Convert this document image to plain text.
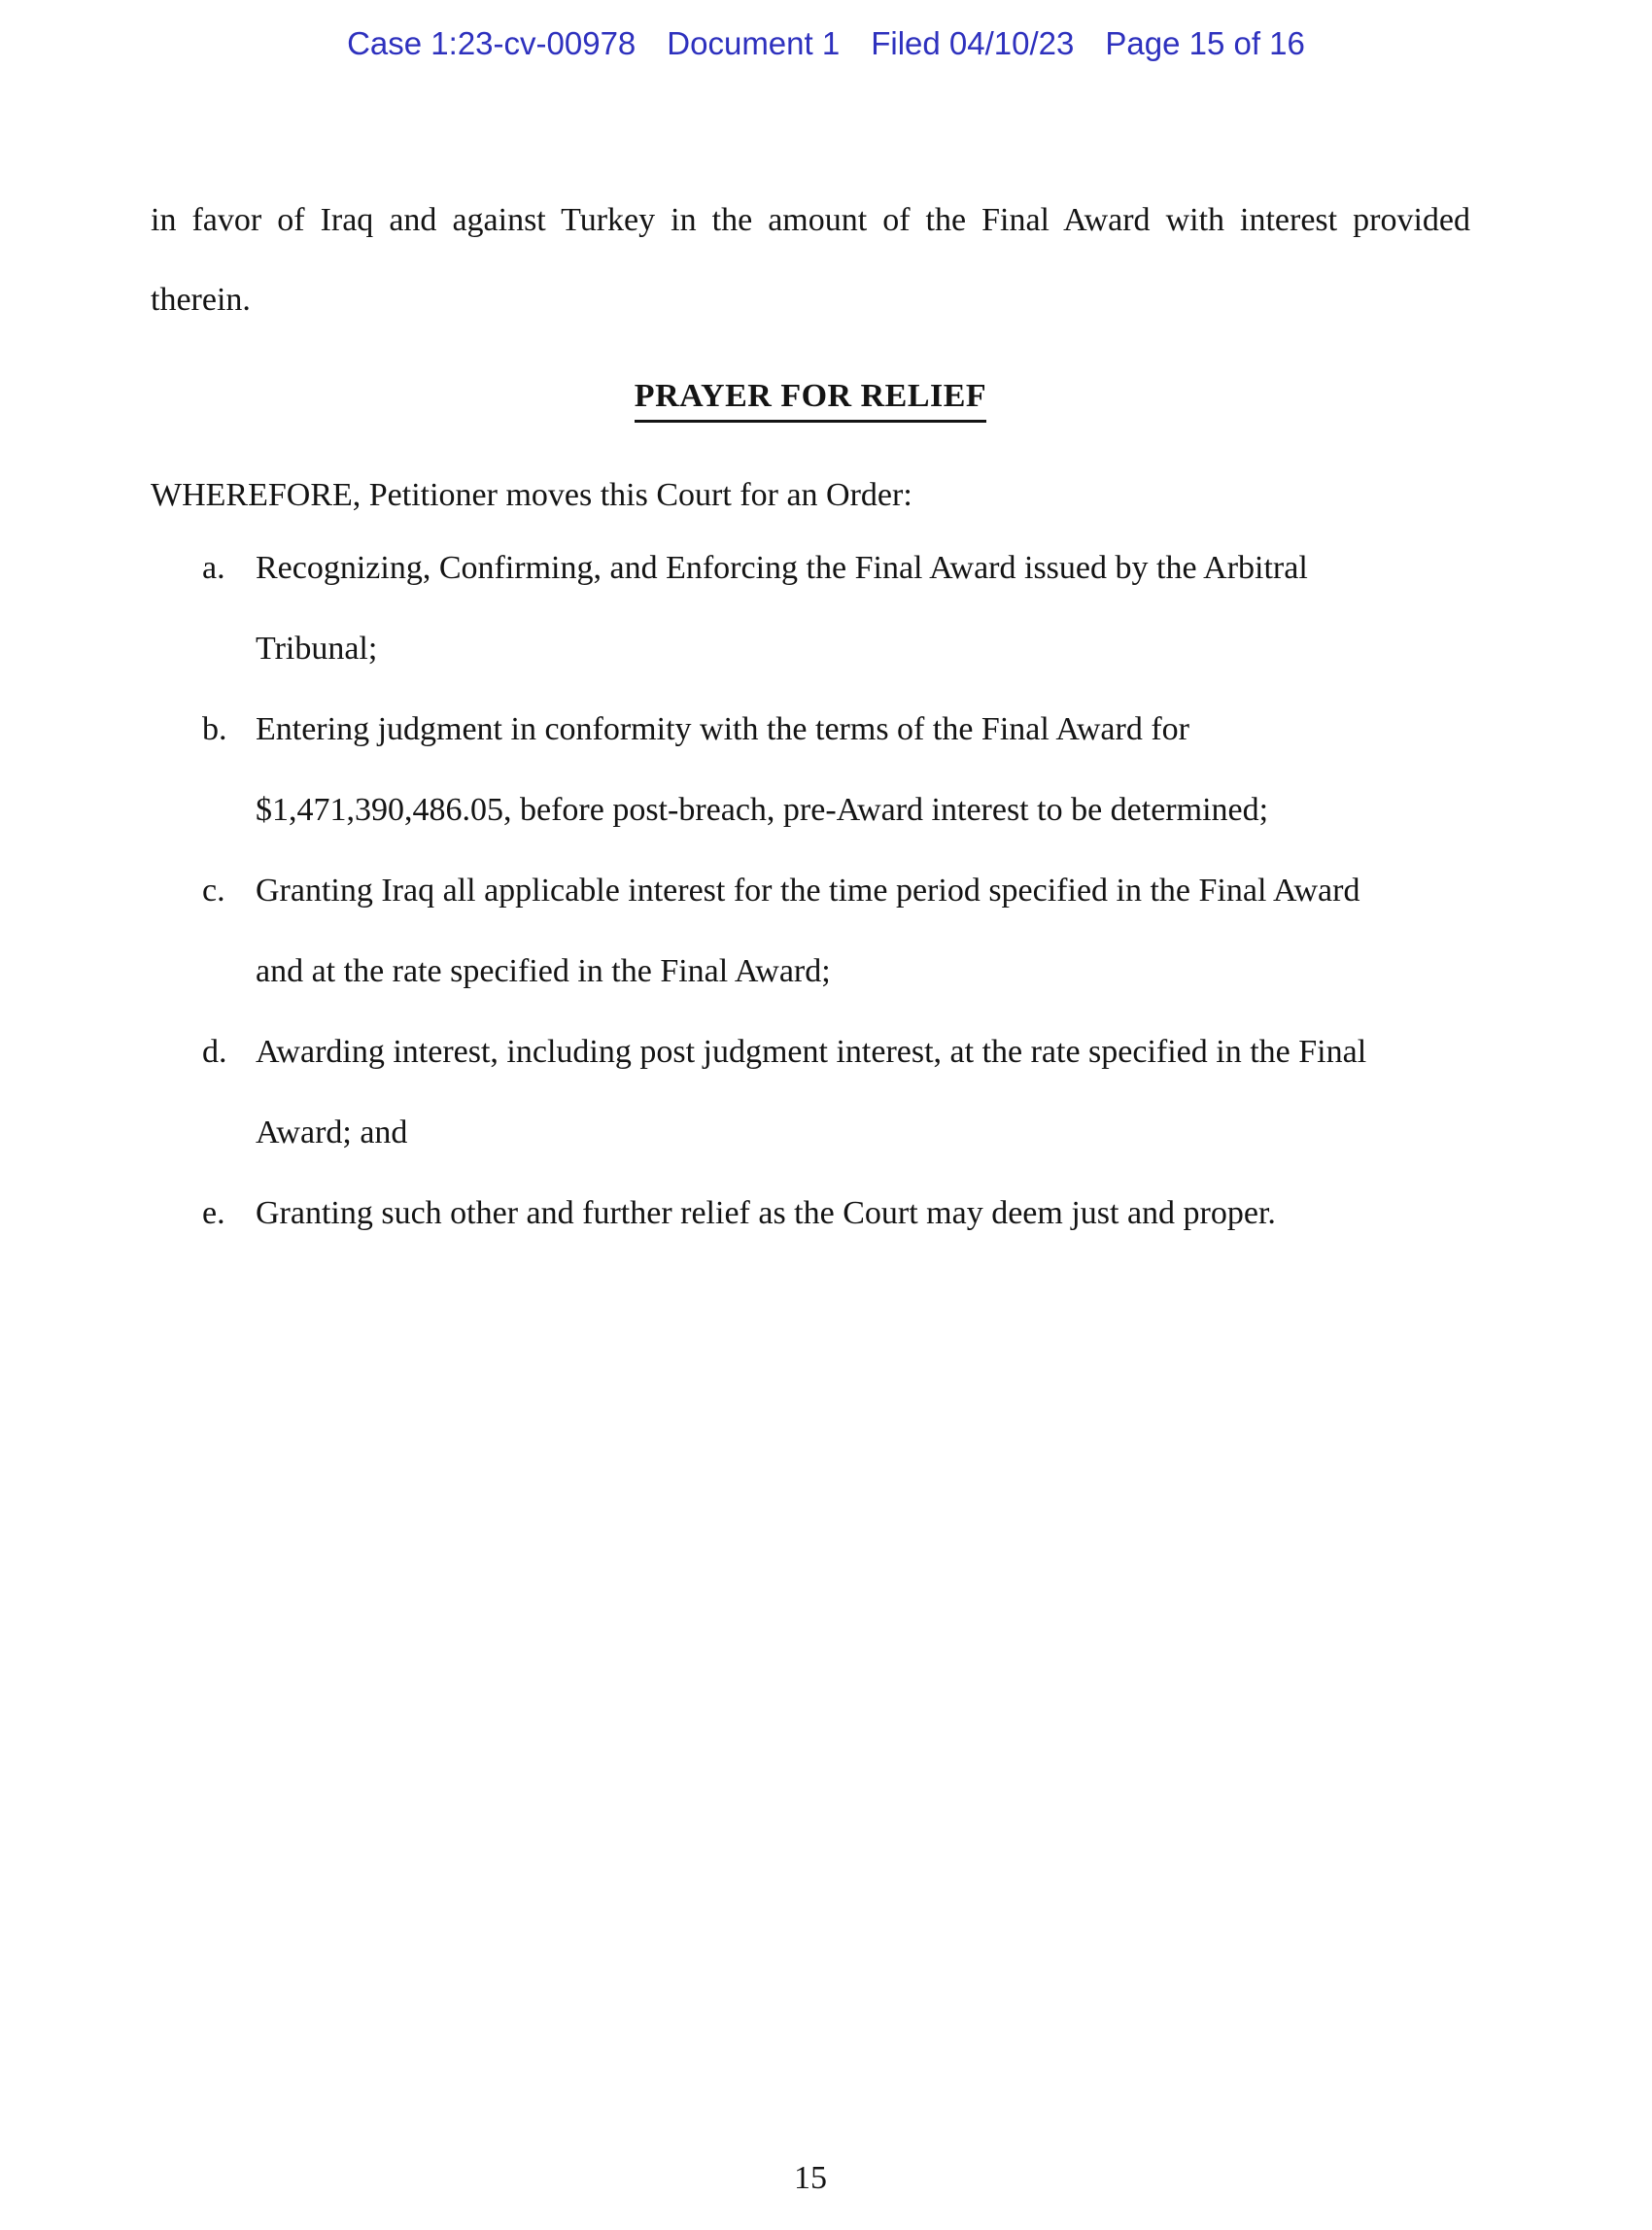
Case 1:23-cv-00978 Document 1 Filed 04/10/23 Page 15 of 16
in favor of Iraq and against Turkey in the amount of the Final Award with interest provided
therein.
PRAYER FOR RELIEF
WHEREFORE, Petitioner moves this Court for an Order:
a. Recognizing, Confirming, and Enforcing the Final Award issued by the Arbitral
Tribunal;
b. Entering judgment in conformity with the terms of the Final Award for
$1,471,390,486.05, before post-breach, pre-Award interest to be determined;
c. Granting Iraq all applicable interest for the time period specified in the Final Award
and at the rate specified in the Final Award;
d. Awarding interest, including post judgment interest, at the rate specified in the Final
Award; and
e. Granting such other and further relief as the Court may deem just and proper.
15
